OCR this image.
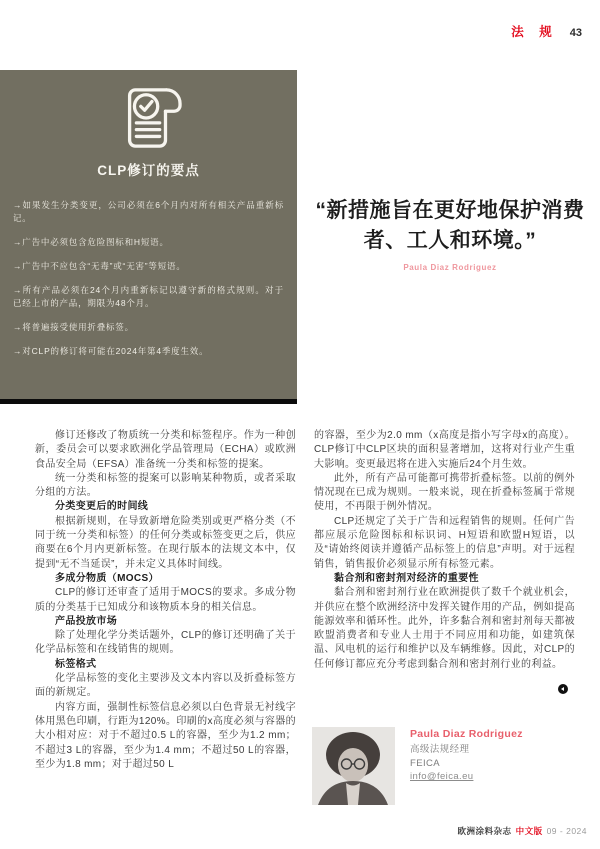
法 规 43
CLP修订的要点
→如果发生分类变更，公司必须在6个月内对所有相关产品重新标记。
→广告中必须包含危险图标和H短语。
→广告中不应包含“无毒”或“无害”等短语。
→所有产品必须在24个月内重新标记以遵守新的格式规则。对于已经上市的产品，期限为48个月。
→将普遍接受使用折叠标签。
→对CLP的修订将可能在2024年第4季度生效。
“新措施旨在更好地保护消费者、工人和环境。”
Paula Diaz Rodriguez

修订还修改了物质统一分类和标签程序。作为一种创新，委员会可以要求欧洲化学品管理局（ECHA）或欧洲食品安全局（EFSA）准备统一分类和标签的提案。

统一分类和标签的提案可以影响某种物质，或者采取分组的方法。

分类变更后的时间线

根据新规则，在导致新增危险类别或更严格分类（不同于统一分类和标签）的任何分类或标签变更之后，供应商要在6个月内更新标签。在现行版本的法规文本中，仅提到“无不当延误”，并未定义具体时间线。

多成分物质（MOCS）

CLP的修订还审查了适用于MOCS的要求。多成分物质的分类基于已知成分和该物质本身的相关信息。

产品投放市场

除了处理化学分类话题外，CLP的修订还明确了关于化学品标签和在线销售的规则。

标签格式

化学品标签的变化主要涉及文本内容以及折叠标签方面的新规定。

内容方面，强制性标签信息必须以白色背景无衬线字体用黑色印刷，行距为120%。印刷的x高度必须与容器的大小相对应：对于不超过0.5 L的容器，至少为1.2 mm；不超过3 L的容器，至少为1.4 mm；不超过50 L的容器，至少为1.8 mm；对于超过50 L

的容器，至少为2.0 mm（x高度是指小写字母x的高度）。CLP修订中CLP区块的面积显著增加，这将对行业产生重大影响。变更最迟将在进入实施后24个月生效。

此外，所有产品可能都可携带折叠标签。以前的例外情况现在已成为规则。一般来说，现在折叠标签属于常规使用，不再限于例外情况。

CLP还规定了关于广告和远程销售的规则。任何广告都应展示危险图标和标识词、H短语和欧盟H短语，以及“请始终阅读并遵循产品标签上的信息”声明。对于远程销售，销售报价必须显示所有标签元素。

黏合剂和密封剂对经济的重要性

黏合剂和密封剂行业在欧洲提供了数千个就业机会，并供应在整个欧洲经济中发挥关键作用的产品，例如提高能源效率和循环性。此外，许多黏合剂和密封剂每天都被欧盟消费者和专业人士用于不同应用和功能，如建筑保温、风电机的运行和维护以及车辆维修。因此，对CLP的任何修订都应充分考虑到黏合剂和密封剂行业的利益。

Paula Diaz Rodriguez
高级法规经理
FEICA
info@feica.eu
欧洲涂料杂志 中文版 09 - 2024
